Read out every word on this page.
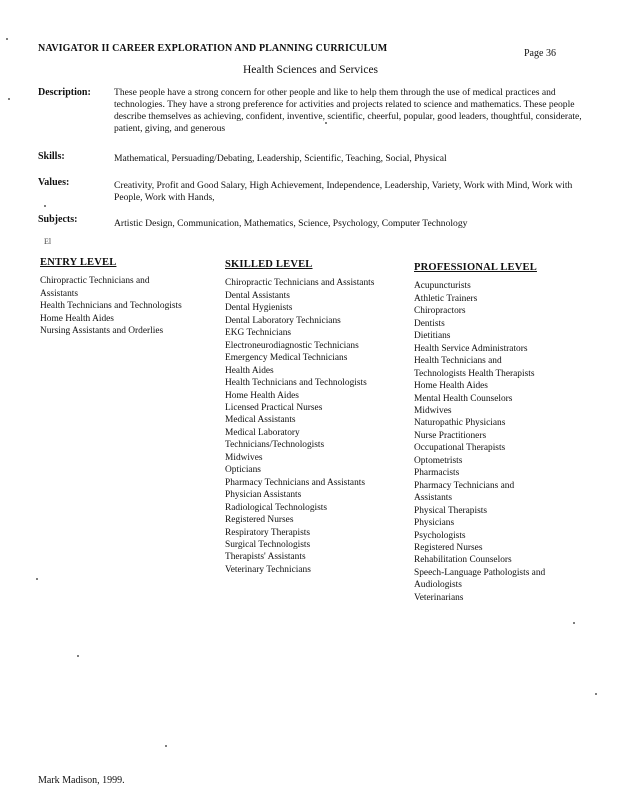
NAVIGATOR II CAREER EXPLORATION AND PLANNING CURRICULUM	Page 36
Health Sciences and Services
Description: These people have a strong concern for other people and like to help them through the use of medical practices and technologies. They have a strong preference for activities and projects related to science and mathematics. These people describe themselves as achieving, confident, inventive, scientific, cheerful, popular, good leaders, thoughtful, considerate, patient, giving, and generous
Skills:	Mathematical, Persuading/Debating, Leadership, Scientific, Teaching, Social, Physical
Values:	Creativity, Profit and Good Salary, High Achievement, Independence, Leadership, Variety, Work with Mind, Work with People, Work with Hands,
Subjects:	Artistic Design, Communication, Mathematics, Science, Psychology, Computer Technology
El
ENTRY LEVEL
Chiropractic Technicians and
Assistants
Health Technicians and Technologists
Home Health Aides
Nursing Assistants and Orderlies
SKILLED LEVEL
Chiropractic Technicians and Assistants
Dental Assistants
Dental Hygienists
Dental Laboratory Technicians
EKG Technicians
Electroneurodiagnostic Technicians
Emergency Medical Technicians
Health Aides
Health Technicians and Technologists
Home Health Aides
Licensed Practical Nurses
Medical Assistants
Medical Laboratory
Technicians/Technologists
Midwives
Opticians
Pharmacy Technicians and Assistants
Physician Assistants
Radiological Technologists
Registered Nurses
Respiratory Therapists
Surgical Technologists
Therapists' Assistants
Veterinary Technicians
PROFESSIONAL LEVEL
Acupuncturists
Athletic Trainers
Chiropractors
Dentists
Dietitians
Health Service Administrators
Health Technicians and
Technologists Health Therapists
Home Health Aides
Mental Health Counselors
Midwives
Naturopathic Physicians
Nurse Practitioners
Occupational Therapists
Optometrists
Pharmacists
Pharmacy Technicians and
Assistants
Physical Therapists
Physicians
Psychologists
Registered Nurses
Rehabilitation Counselors
Speech-Language Pathologists and
Audiologists
Veterinarians
Mark Madison, 1999.
